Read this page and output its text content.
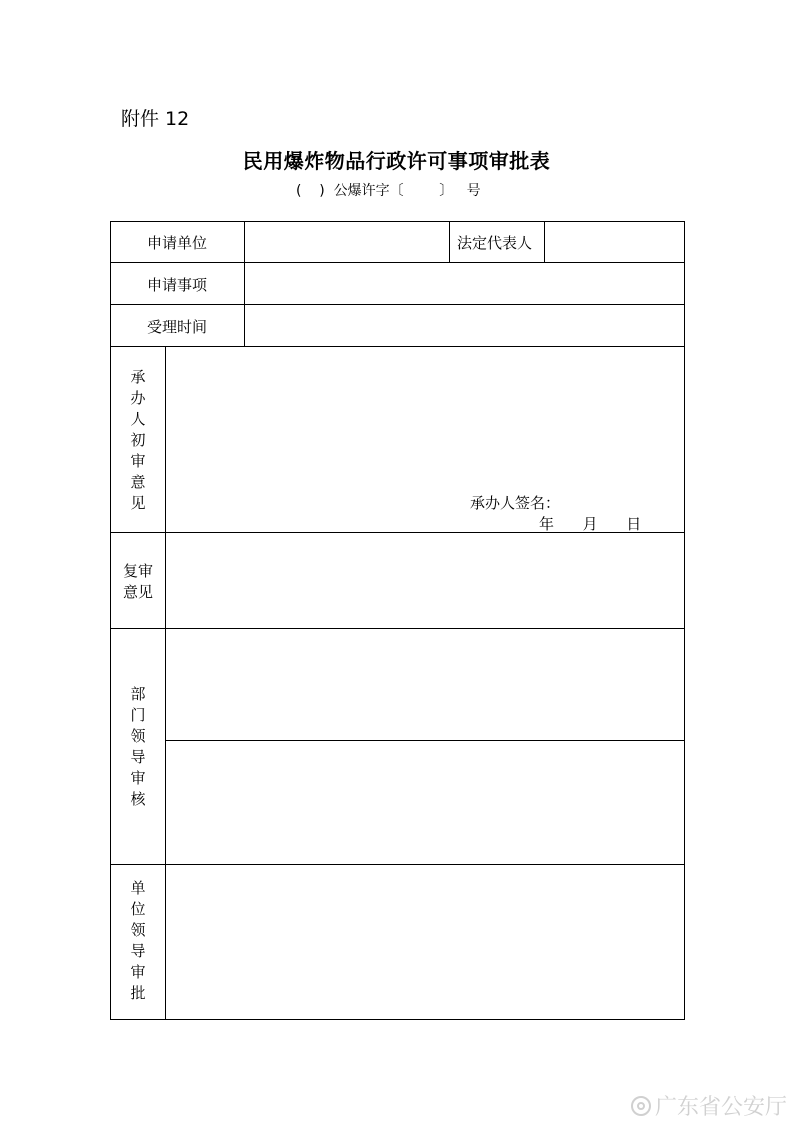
附件 12
民用爆炸物品行政许可事项审批表
(    )  公爆许字〔        〕   号
申请单位	法定代表人
申请事项
受理时间
承
办
人
初
审
意
见	承办人签名：
年      月      日
复审
意见
部
门
领
导
审
核
单
位
领
导
审
批
广东省公安厅
